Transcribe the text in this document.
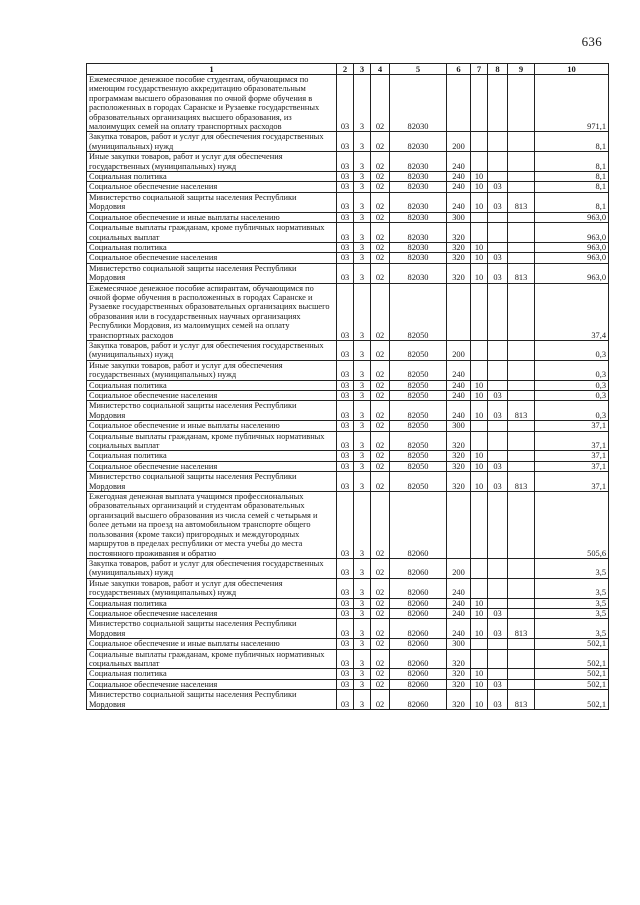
636
1	2	3	4	5	6	7	8	9	10
Ежемесячное денежное пособие студентам, обучающимся по имеющим государственную аккредитацию образовательным программам высшего образования по очной форме обучения в расположенных в городах Саранске и Рузаевке государственных образовательных организациях высшего образования, из малоимущих семей на оплату транспортных расходов	03	3	02	82030					971,1
Закупка товаров, работ и услуг для обеспечения государственных (муниципальных) нужд	03	3	02	82030	200				8,1
Иные закупки товаров, работ и услуг для обеспечения государственных (муниципальных) нужд	03	3	02	82030	240				8,1
Социальная политика	03	3	02	82030	240	10			8,1
Социальное обеспечение населения	03	3	02	82030	240	10	03		8,1
Министерство социальной защиты населения Республики Мордовия	03	3	02	82030	240	10	03	813	8,1
Социальное обеспечение и иные выплаты населению	03	3	02	82030	300				963,0
Социальные выплаты гражданам, кроме публичных нормативных социальных выплат	03	3	02	82030	320				963,0
Социальная политика	03	3	02	82030	320	10			963,0
Социальное обеспечение населения	03	3	02	82030	320	10	03		963,0
Министерство социальной защиты населения Республики Мордовия	03	3	02	82030	320	10	03	813	963,0
Ежемесячное денежное пособие аспирантам, обучающимся по очной форме обучения в расположенных в городах Саранске и Рузаевке государственных образовательных организациях высшего образования или в государственных научных организациях Республики Мордовия, из малоимущих семей на оплату транспортных расходов	03	3	02	82050					37,4
Закупка товаров, работ и услуг для обеспечения государственных (муниципальных) нужд	03	3	02	82050	200				0,3
Иные закупки товаров, работ и услуг для обеспечения государственных (муниципальных) нужд	03	3	02	82050	240				0,3
Социальная политика	03	3	02	82050	240	10			0,3
Социальное обеспечение населения	03	3	02	82050	240	10	03		0,3
Министерство социальной защиты населения Республики Мордовия	03	3	02	82050	240	10	03	813	0,3
Социальное обеспечение и иные выплаты населению	03	3	02	82050	300				37,1
Социальные выплаты гражданам, кроме публичных нормативных социальных выплат	03	3	02	82050	320				37,1
Социальная политика	03	3	02	82050	320	10			37,1
Социальное обеспечение населения	03	3	02	82050	320	10	03		37,1
Министерство социальной защиты населения Республики Мордовия	03	3	02	82050	320	10	03	813	37,1
Ежегодная денежная выплата учащимся профессиональных образовательных организаций и студентам образовательных организаций высшего образования из числа семей с четырьмя и более детьми на проезд на автомобильном транспорте общего пользования (кроме такси) пригородных и междугородных маршрутов в пределах республики от места учебы до места постоянного проживания и обратно	03	3	02	82060					505,6
Закупка товаров, работ и услуг для обеспечения государственных (муниципальных) нужд	03	3	02	82060	200				3,5
Иные закупки товаров, работ и услуг для обеспечения государственных (муниципальных) нужд	03	3	02	82060	240				3,5
Социальная политика	03	3	02	82060	240	10			3,5
Социальное обеспечение населения	03	3	02	82060	240	10	03		3,5
Министерство социальной защиты населения Республики Мордовия	03	3	02	82060	240	10	03	813	3,5
Социальное обеспечение и иные выплаты населению	03	3	02	82060	300				502,1
Социальные выплаты гражданам, кроме публичных нормативных социальных выплат	03	3	02	82060	320				502,1
Социальная политика	03	3	02	82060	320	10			502,1
Социальное обеспечение населения	03	3	02	82060	320	10	03		502,1
Министерство социальной защиты населения Республики Мордовия	03	3	02	82060	320	10	03	813	502,1
